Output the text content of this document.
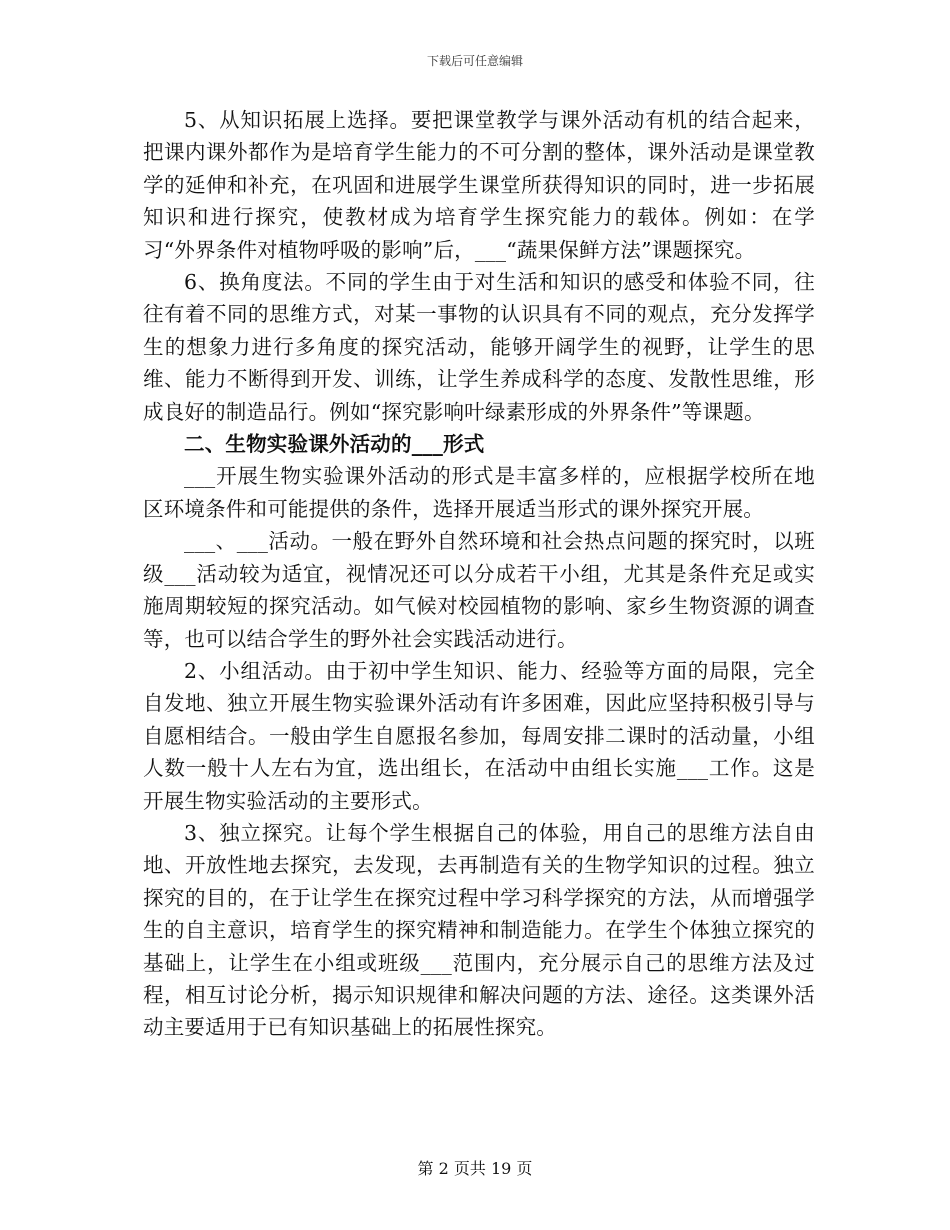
下载后可任意编辑

5、从知识拓展上选择。要把课堂教学与课外活动有机的结合起来，把课内课外都作为是培育学生能力的不可分割的整体，课外活动是课堂教学的延伸和补充，在巩固和进展学生课堂所获得知识的同时，进一步拓展知识和进行探究，使教材成为培育学生探究能力的载体。例如：在学习“外界条件对植物呼吸的影响”后，___“蔬果保鲜方法”课题探究。

6、换角度法。不同的学生由于对生活和知识的感受和体验不同，往往有着不同的思维方式，对某一事物的认识具有不同的观点，充分发挥学生的想象力进行多角度的探究活动，能够开阔学生的视野，让学生的思维、能力不断得到开发、训练，让学生养成科学的态度、发散性思维，形成良好的制造品行。例如“探究影响叶绿素形成的外界条件”等课题。

二、生物实验课外活动的___形式

___开展生物实验课外活动的形式是丰富多样的，应根据学校所在地区环境条件和可能提供的条件，选择开展适当形式的课外探究开展。

___、___活动。一般在野外自然环境和社会热点问题的探究时，以班级___活动较为适宜，视情况还可以分成若干小组，尤其是条件充足或实施周期较短的探究活动。如气候对校园植物的影响、家乡生物资源的调查等，也可以结合学生的野外社会实践活动进行。

2、小组活动。由于初中学生知识、能力、经验等方面的局限，完全自发地、独立开展生物实验课外活动有许多困难，因此应坚持积极引导与自愿相结合。一般由学生自愿报名参加，每周安排二课时的活动量，小组人数一般十人左右为宜，选出组长，在活动中由组长实施___工作。这是开展生物实验活动的主要形式。

3、独立探究。让每个学生根据自己的体验，用自己的思维方法自由地、开放性地去探究，去发现，去再制造有关的生物学知识的过程。独立探究的目的，在于让学生在探究过程中学习科学探究的方法，从而增强学生的自主意识，培育学生的探究精神和制造能力。在学生个体独立探究的基础上，让学生在小组或班级___范围内，充分展示自己的思维方法及过程，相互讨论分析，揭示知识规律和解决问题的方法、途径。这类课外活动主要适用于已有知识基础上的拓展性探究。

第 2 页共 19 页
